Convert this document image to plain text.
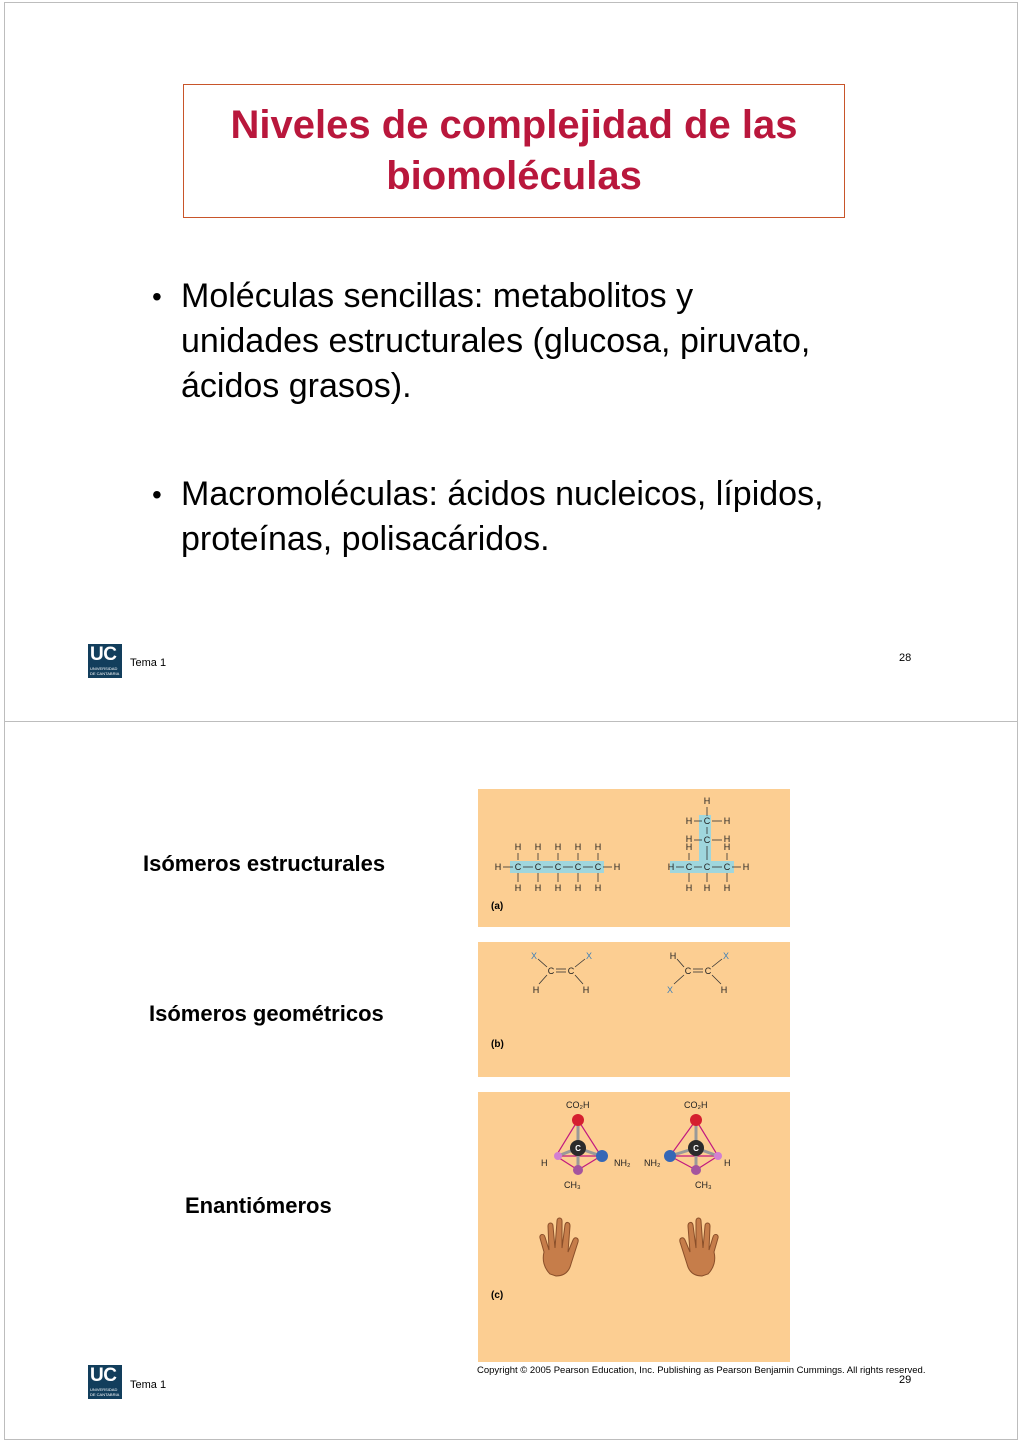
Niveles de complejidad de las
biomoléculas
• Moléculas sencillas: metabolitos y unidades estructurales (glucosa, piruvato, ácidos grasos).
• Macromoléculas: ácidos nucleicos, lípidos, proteínas, polisacáridos.
UC
UNIVERSIDAD DE CANTABRIA
Tema 1	28
Isómeros estructurales
Isómeros geométricos
Enantiómeros
H C C C C C H
H H H H H
H H H H H
H C C C H
H H H
H	H
C
H	H
C
H	H
H
(a)
X	X
C C
H	H
H	X
C C
X	H
(b)
C
CO₂H
H	NH₂
CH₃
C
CO₂H
NH₂	H
CH₃
(c)
Copyright © 2005 Pearson Education, Inc. Publishing as Pearson Benjamin Cummings. All rights reserved.
UC
UNIVERSIDAD DE CANTABRIA
Tema 1	29
